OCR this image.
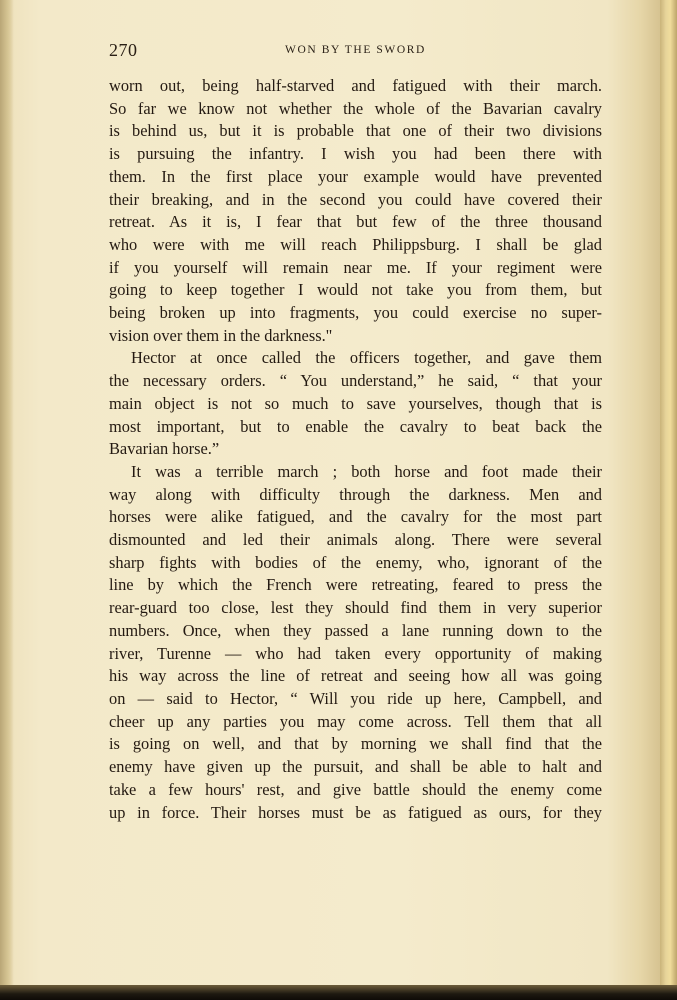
270	WON BY THE SWORD

worn out, being half-starved and fatigued with their march.
So far we know not whether the whole of the Bavarian cavalry
is behind us, but it is probable that one of their two divisions
is pursuing the infantry. I wish you had been there with
them. In the first place your example would have prevented
their breaking, and in the second you could have covered their
retreat. As it is, I fear that but few of the three thousand
who were with me will reach Philippsburg. I shall be glad
if you yourself will remain near me. If your regiment were
going to keep together I would not take you from them, but
being broken up into fragments, you could exercise no super-
vision over them in the darkness."

Hector at once called the officers together, and gave them
the necessary orders. “ You understand,” he said, “ that your
main object is not so much to save yourselves, though that is
most important, but to enable the cavalry to beat back the
Bavarian horse.”

It was a terrible march ; both horse and foot made their
way along with difficulty through the darkness. Men and
horses were alike fatigued, and the cavalry for the most part
dismounted and led their animals along. There were several
sharp fights with bodies of the enemy, who, ignorant of the
line by which the French were retreating, feared to press the
rear-guard too close, lest they should find them in very superior
numbers. Once, when they passed a lane running down to the
river, Turenne — who had taken every opportunity of making
his way across the line of retreat and seeing how all was going
on — said to Hector, “ Will you ride up here, Campbell, and
cheer up any parties you may come across. Tell them that all
is going on well, and that by morning we shall find that the
enemy have given up the pursuit, and shall be able to halt and
take a few hours' rest, and give battle should the enemy come
up in force. Their horses must be as fatigued as ours, for they
